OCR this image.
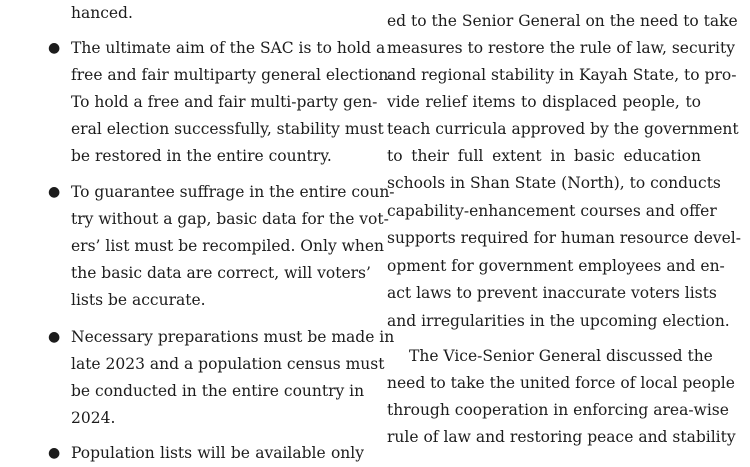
hanced.
● The ultimate aim of the SAC is to hold a
free and fair multiparty general election.
To hold a free and fair multi-party gen-
eral election successfully, stability must
be restored in the entire country.
● To guarantee suffrage in the entire coun-
try without a gap, basic data for the vot-
ers’ list must be recompiled. Only when
the basic data are correct, will voters’
lists be accurate.
● Necessary preparations must be made in
late 2023 and a population census must
be conducted in the entire country in
2024.
● Population lists will be available only
ed to the Senior General on the need to take
measures to restore the rule of law, security
and regional stability in Kayah State, to pro-
vide relief items to displaced people, to
teach curricula approved by the government
to their full extent in basic education
schools in Shan State (North), to conducts
capability-enhancement courses and offer
supports required for human resource devel-
opment for government employees and en-
act laws to prevent inaccurate voters lists
and irregularities in the upcoming election.
The Vice-Senior General discussed the
need to take the united force of local people
through cooperation in enforcing area-wise
rule of law and restoring peace and stability
